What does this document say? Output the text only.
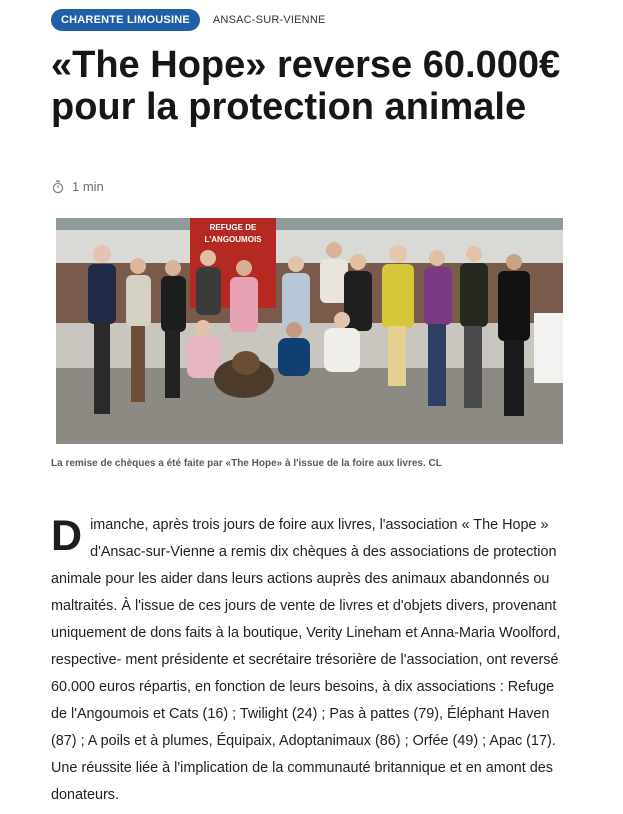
CHARENTE LIMOUSINE	ANSAC-SUR-VIENNE
«The Hope» reverse 60.000€ pour la protection animale
1 min
REFUGE DE
L'ANGOUMOIS
La remise de chèques a été faite par «The Hope» à l'issue de la foire aux livres. CL
D imanche, après trois jours de foire aux livres, l'association « The Hope » d'Ansac-sur-Vienne a remis dix chèques à des associations de protection animale pour les aider dans leurs actions auprès des animaux abandonnés ou maltraités. À l'issue de ces jours de vente de livres et d'objets divers, provenant uniquement de dons faits à la boutique, Verity Lineham et Anna-Maria Woolford, respective- ment présidente et secrétaire trésorière de l'association, ont reversé 60.000 euros répartis, en fonction de leurs besoins, à dix associations : Refuge de l'Angoumois et Cats (16) ; Twilight (24) ; Pas à pattes (79), Éléphant Haven (87) ; A poils et à plumes, Équipaix, Adoptanimaux (86) ; Orfée (49) ; Apac (17). Une réussite liée à l'implication de la communauté britannique et en amont des donateurs.
